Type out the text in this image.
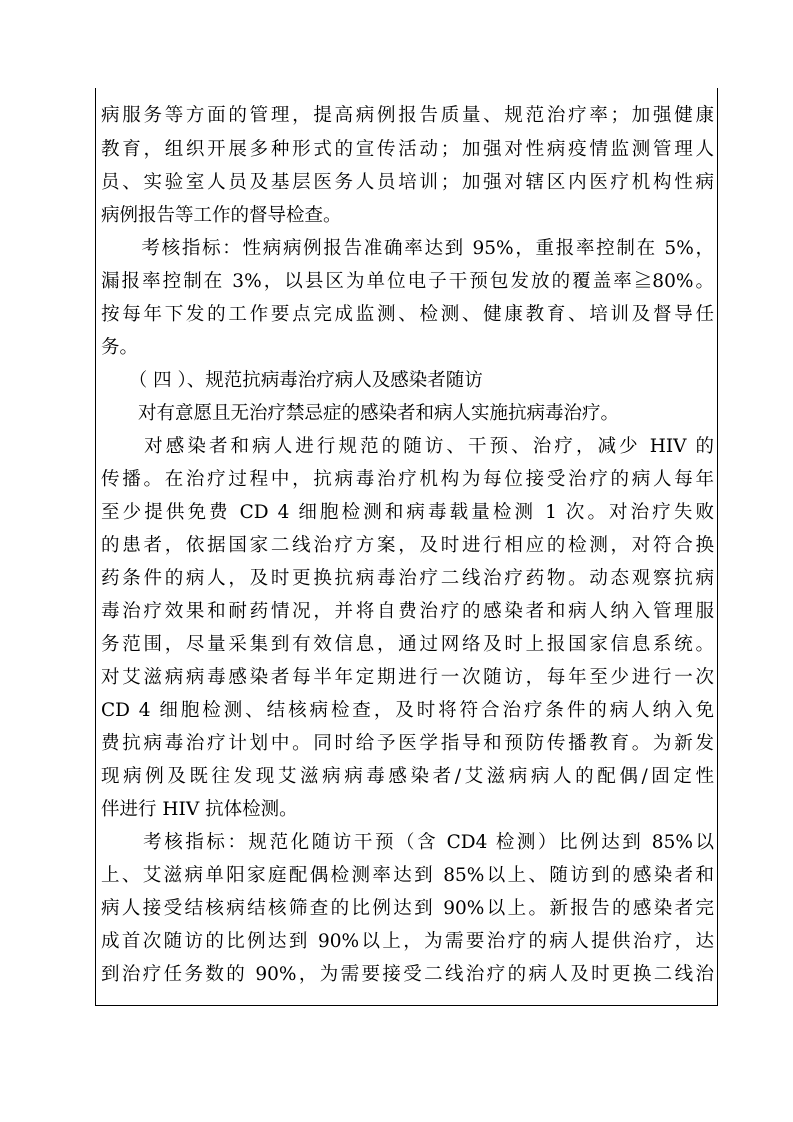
病服务等方面的管理，提高病例报告质量、规范治疗率；加强健康
教育，组织开展多种形式的宣传活动；加强对性病疫情监测管理人
员、实验室人员及基层医务人员培训；加强对辖区内医疗机构性病
病例报告等工作的督导检查。
　　考核指标：性病病例报告准确率达到 95%，重报率控制在 5%，
漏报率控制在 3%，以县区为单位电子干预包发放的覆盖率≧80%。
按每年下发的工作要点完成监测、检测、健康教育、培训及督导任
务。
　　（ 四 ）、规范抗病毒治疗病人及感染者随访
　　对有意愿且无治疗禁忌症的感染者和病人实施抗病毒治疗。
　　对感染者和病人进行规范的随访、干预、治疗，减少 HIV 的
传播。在治疗过程中，抗病毒治疗机构为每位接受治疗的病人每年
至少提供免费 CD 4 细胞检测和病毒载量检测 1 次。对治疗失败
的患者，依据国家二线治疗方案，及时进行相应的检测，对符合换
药条件的病人，及时更换抗病毒治疗二线治疗药物。动态观察抗病
毒治疗效果和耐药情况，并将自费治疗的感染者和病人纳入管理服
务范围，尽量采集到有效信息，通过网络及时上报国家信息系统。
对艾滋病病毒感染者每半年定期进行一次随访，每年至少进行一次
CD 4 细胞检测、结核病检查，及时将符合治疗条件的病人纳入免
费抗病毒治疗计划中。同时给予医学指导和预防传播教育。为新发
现病例及既往发现艾滋病病毒感染者/艾滋病病人的配偶/固定性
伴进行 HIV 抗体检测。
　　考核指标：规范化随访干预（含 CD4 检测）比例达到 85%以
上、艾滋病单阳家庭配偶检测率达到 85%以上、随访到的感染者和
病人接受结核病结核筛查的比例达到 90%以上。新报告的感染者完
成首次随访的比例达到 90%以上，为需要治疗的病人提供治疗，达
到治疗任务数的 90%，为需要接受二线治疗的病人及时更换二线治
